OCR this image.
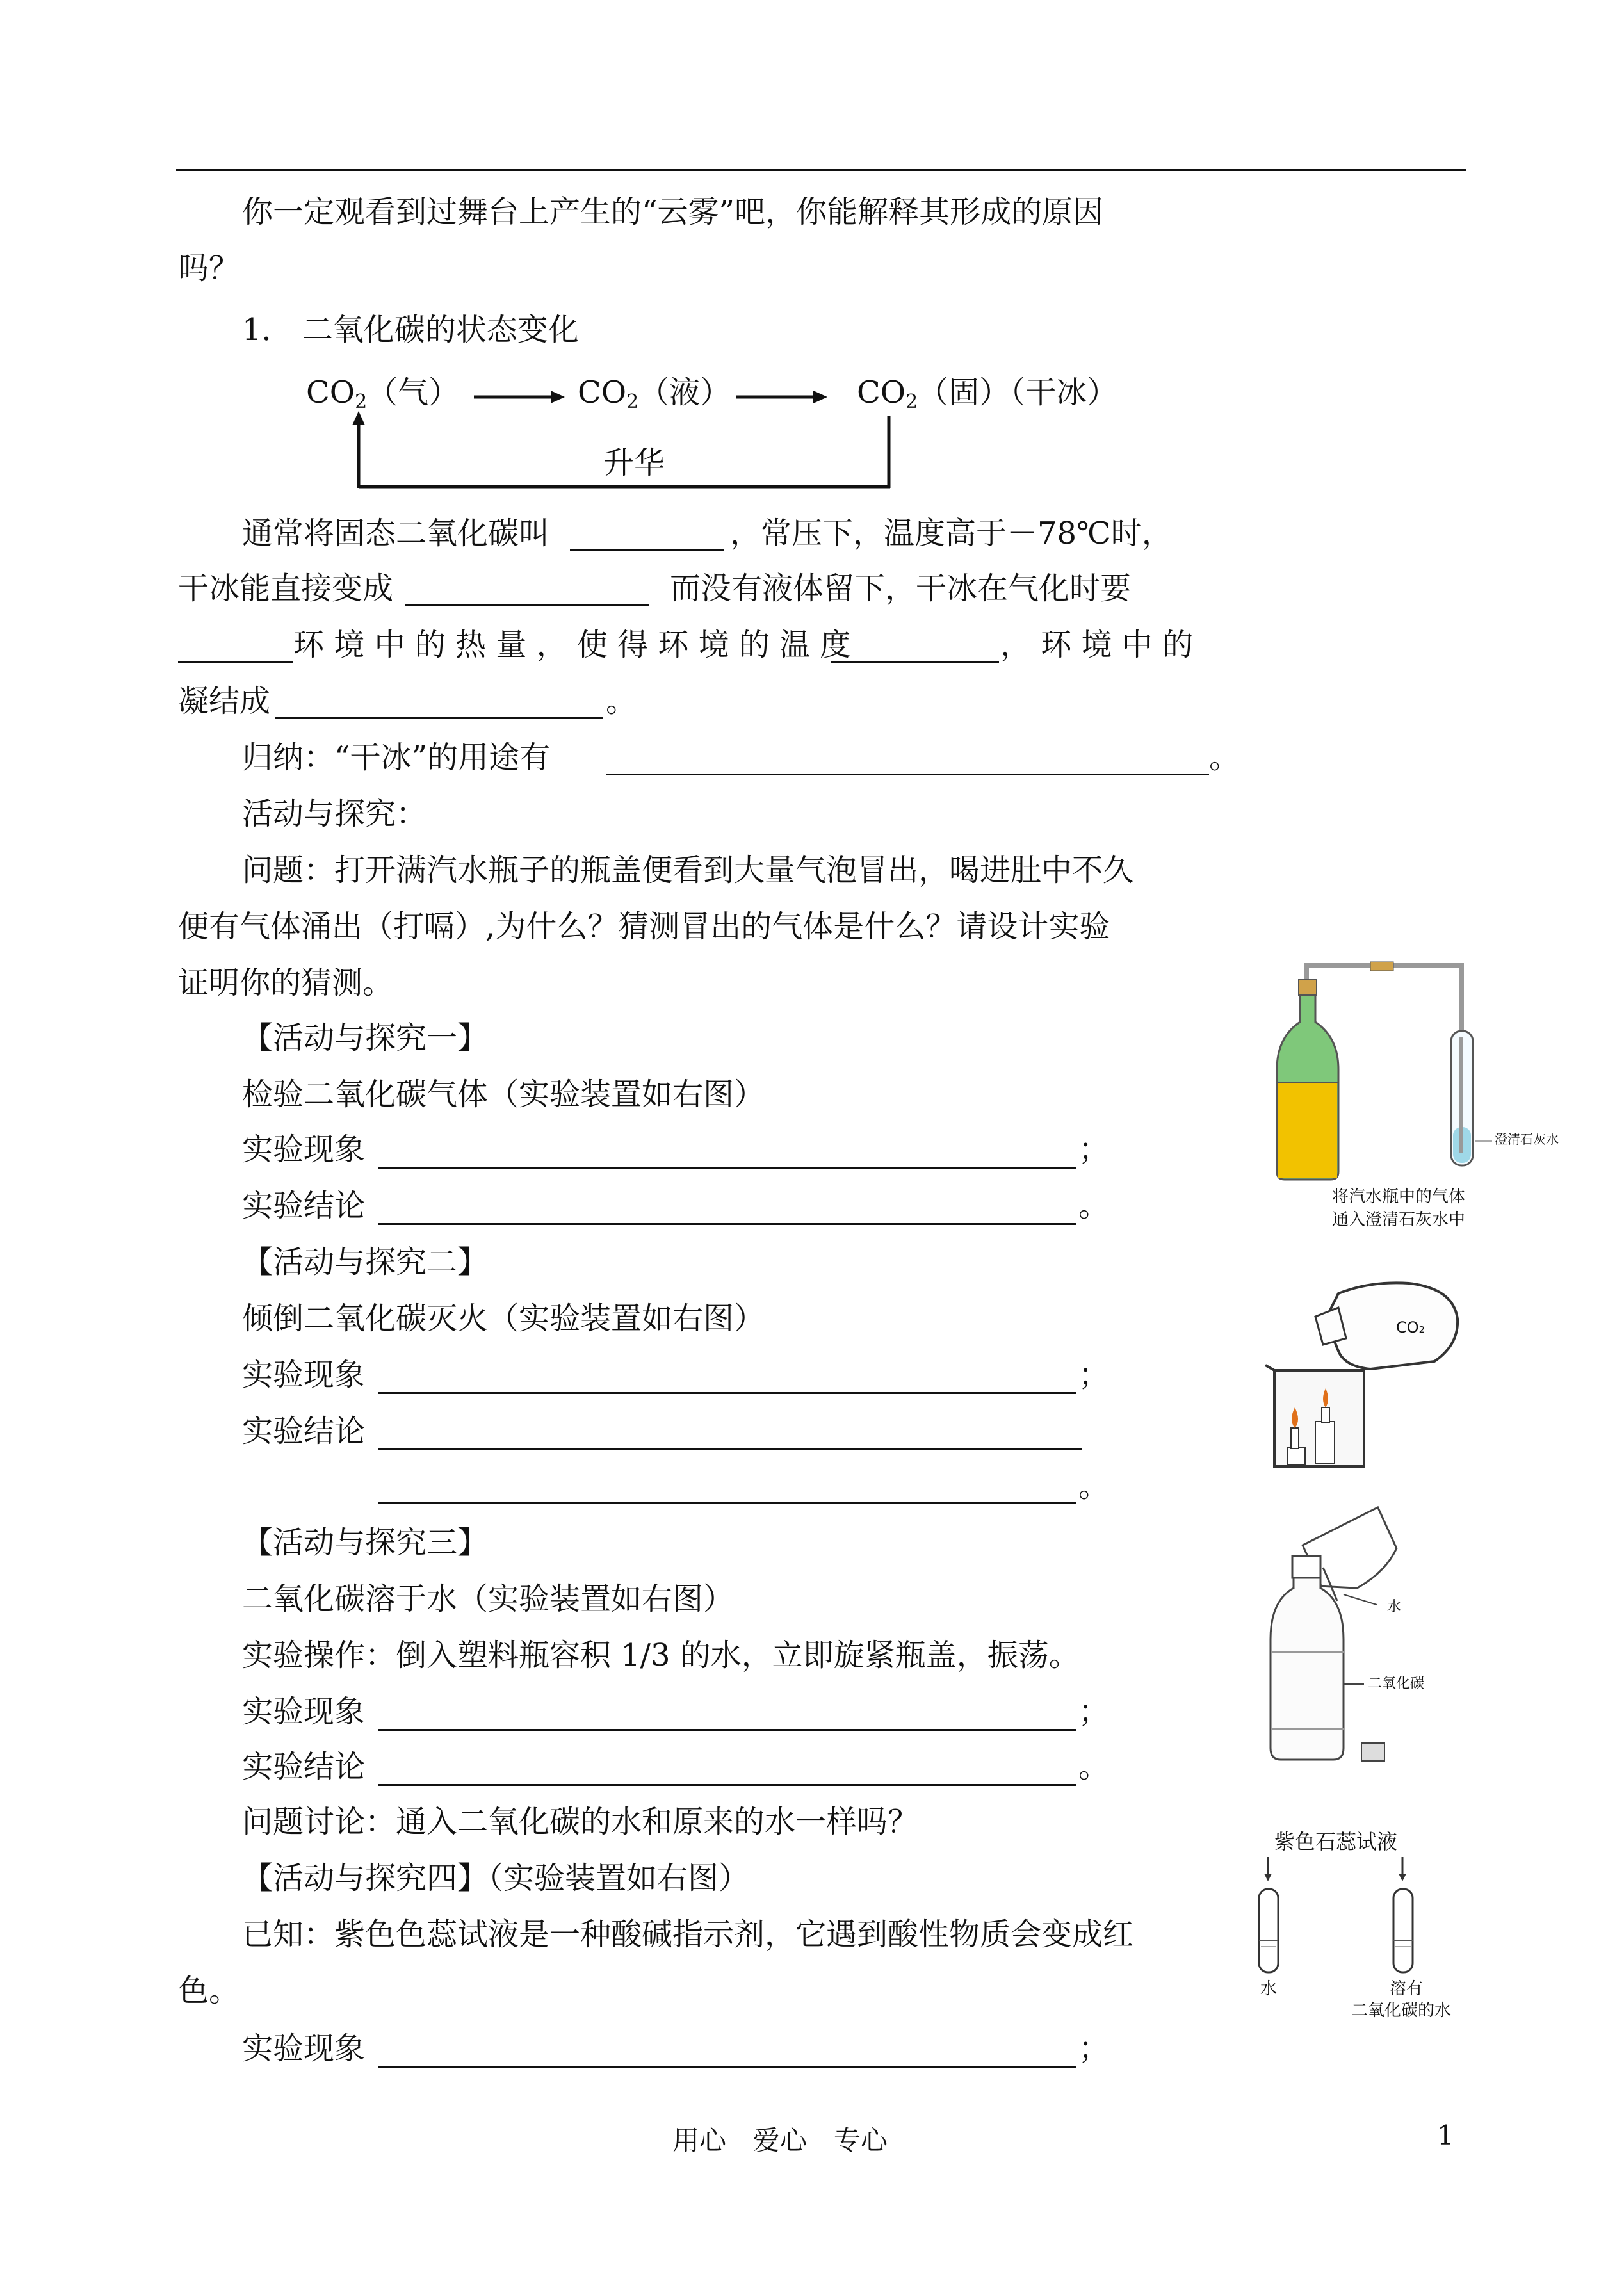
你一定观看到过舞台上产生的“云雾”吧，你能解释其形成的原因
吗？
1． 二氧化碳的状态变化
$CO_2$（气）	$CO_2$（液）	$CO_2$（固）（干冰）
升华
通常将固态二氧化碳叫	，常压下，温度高于－78℃时，
干冰能直接变成	而没有液体留下，干冰在气化时要
环 境 中 的 热 量 ， 使 得 环 境 的 温 度	， 环 境 中 的
凝结成	。
归纳：“干冰”的用途有	。
活动与探究：
问题：打开满汽水瓶子的瓶盖便看到大量气泡冒出，喝进肚中不久
便有气体涌出（打嗝）,为什么？猜测冒出的气体是什么？请设计实验
证明你的猜测。
【活动与探究一】
检验二氧化碳气体（实验装置如右图）
实验现象	；
实验结论	。
澄清石灰水
将汽水瓶中的气体
通入澄清石灰水中
【活动与探究二】
倾倒二氧化碳灭火（实验装置如右图）
实验现象	；
实验结论
。
CO₂
【活动与探究三】
二氧化碳溶于水（实验装置如右图）
实验操作：倒入塑料瓶容积 1/3 的水，立即旋紧瓶盖，振荡。
实验现象	；
实验结论	。
水
二氧化碳
问题讨论：通入二氧化碳的水和原来的水一样吗？
【活动与探究四】（实验装置如右图）
已知：紫色色蕊试液是一种酸碱指示剂，它遇到酸性物质会变成红
色。
实验现象	；
紫色石蕊试液
水	溶有
二氧化碳的水
用心　爱心　专心	1
